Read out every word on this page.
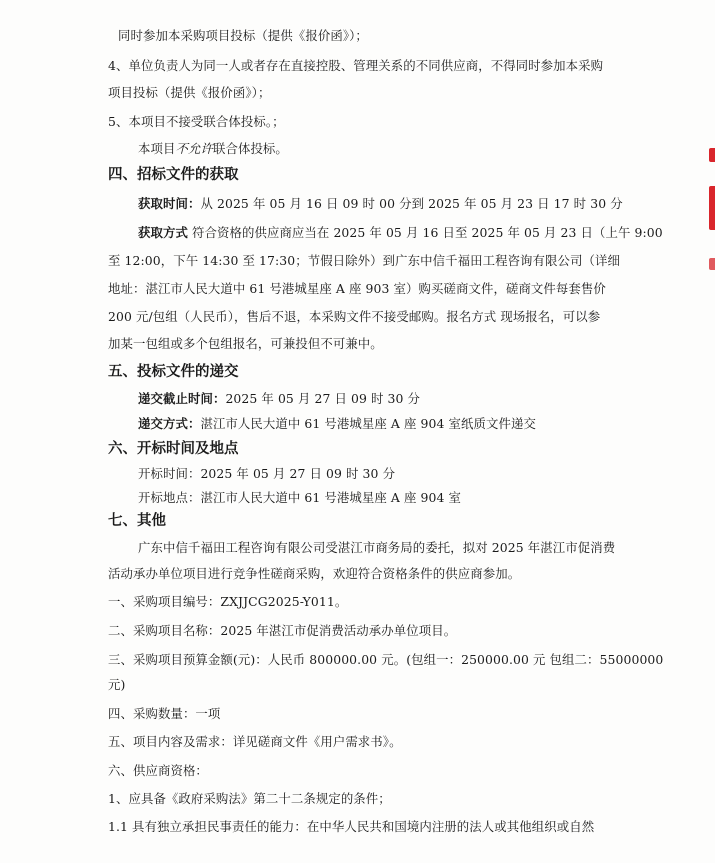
同时参加本采购项目投标（提供《报价函》）；
4、单位负责人为同一人或者存在直接控股、管理关系的不同供应商，不得同时参加本采购
项目投标（提供《报价函》）；
5、本项目不接受联合体投标。；
本项目不允许联合体投标。
四、招标文件的获取
获取时间：从 2025 年 05 月 16 日 09 时 00 分到 2025 年 05 月 23 日 17 时 30 分
获取方式 符合资格的供应商应当在 2025 年 05 月 16 日至 2025 年 05 月 23 日（上午 9:00
至 12:00，下午 14:30 至 17:30；节假日除外）到广东中信千福田工程咨询有限公司（详细
地址：湛江市人民大道中 61 号港城星座 A 座 903 室）购买磋商文件，磋商文件每套售价
200 元/包组（人民币），售后不退，本采购文件不接受邮购。报名方式 现场报名，可以参
加某一包组或多个包组报名，可兼投但不可兼中。
五、投标文件的递交
递交截止时间：2025 年 05 月 27 日 09 时 30 分
递交方式：湛江市人民大道中 61 号港城星座 A 座 904 室纸质文件递交
六、开标时间及地点
开标时间：2025 年 05 月 27 日 09 时 30 分
开标地点：湛江市人民大道中 61 号港城星座 A 座 904 室
七、其他
广东中信千福田工程咨询有限公司受湛江市商务局的委托，拟对 2025 年湛江市促消费
活动承办单位项目进行竞争性磋商采购，欢迎符合资格条件的供应商参加。
一、采购项目编号：ZXJJCG2025-Y011。
二、采购项目名称：2025 年湛江市促消费活动承办单位项目。
三、采购项目预算金额(元)：人民币 800000.00 元。(包组一：250000.00 元 包组二：55000000
元)
四、采购数量：一项
五、项目内容及需求：详见磋商文件《用户需求书》。
六、供应商资格：
1、应具备《政府采购法》第二十二条规定的条件；
1.1 具有独立承担民事责任的能力：在中华人民共和国境内注册的法人或其他组织或自然
